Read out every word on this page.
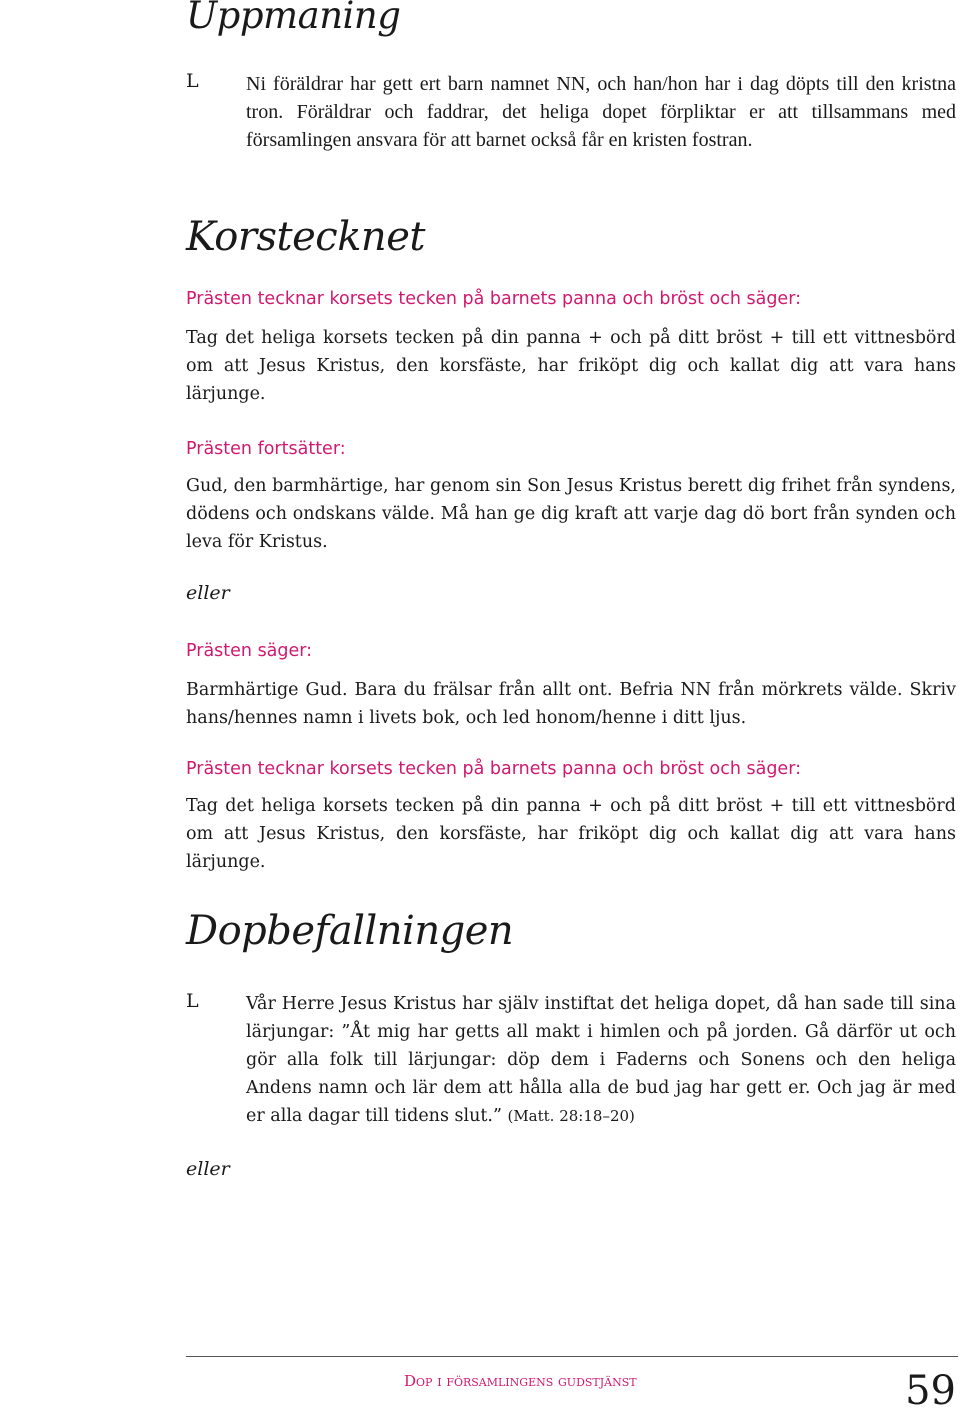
Uppmaning

L Ni föräldrar har gett ert barn namnet NN, och han/hon har i dag döpts till den kristna tron. Föräldrar och faddrar, det heliga dopet förpliktar er att tillsammans med församlingen ansvara för att barnet också får en kristen fostran.

Korstecknet

Prästen tecknar korsets tecken på barnets panna och bröst och säger:

Tag det heliga korsets tecken på din panna + och på ditt bröst + till ett vittnesbörd om att Jesus Kristus, den korsfäste, har friköpt dig och kallat dig att vara hans lärjunge.

Prästen fortsätter:

Gud, den barmhärtige, har genom sin Son Jesus Kristus berett dig frihet från syndens, dödens och ondskans välde. Må han ge dig kraft att varje dag dö bort från synden och leva för Kristus.

eller

Prästen säger:

Barmhärtige Gud. Bara du frälsar från allt ont. Befria NN från mörkrets välde. Skriv hans/hennes namn i livets bok, och led honom/henne i ditt ljus.

Prästen tecknar korsets tecken på barnets panna och bröst och säger:

Tag det heliga korsets tecken på din panna + och på ditt bröst + till ett vittnesbörd om att Jesus Kristus, den korsfäste, har friköpt dig och kallat dig att vara hans lärjunge.

Dopbefallningen

L	Vår Herre Jesus Kristus har själv instiftat det heliga dopet, då han sade till sina lärjungar: ”Åt mig har getts all makt i himlen och på jorden. Gå därför ut och gör alla folk till lärjungar: döp dem i Faderns och Sonens och den heliga Andens namn och lär dem att hålla alla de bud jag har gett er. Och jag är med er alla dagar till tidens slut.” (Matt. 28:18–20)

eller

Dop i församlingens gudstjänst	59
